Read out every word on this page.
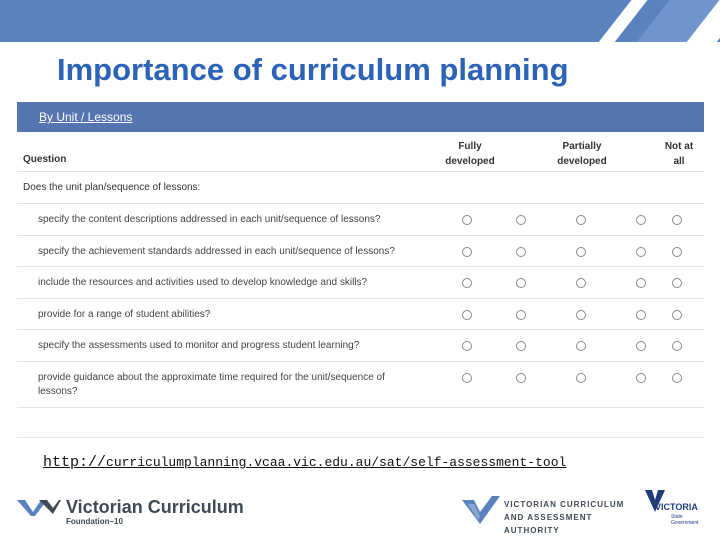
Importance of curriculum planning
By Unit / Lessons
Question
Fully
developed
Partially
developed
Not at
all
Does the unit plan/sequence of lessons:
specify the content descriptions addressed in each unit/sequence of lessons?
specify the achievement standards addressed in each unit/sequence of lessons?
include the resources and activities used to develop knowledge and skills?
provide for a range of student abilities?
specify the assessments used to monitor and progress student learning?
provide guidance about the approximate time required for the unit/sequence of lessons?
http://curriculumplanning.vcaa.vic.edu.au/sat/self-assessment-tool
Victorian Curriculum
Foundation–10
VICTORIAN CURRICULUM
AND ASSESSMENT AUTHORITY
VICTORIA
State
Government
